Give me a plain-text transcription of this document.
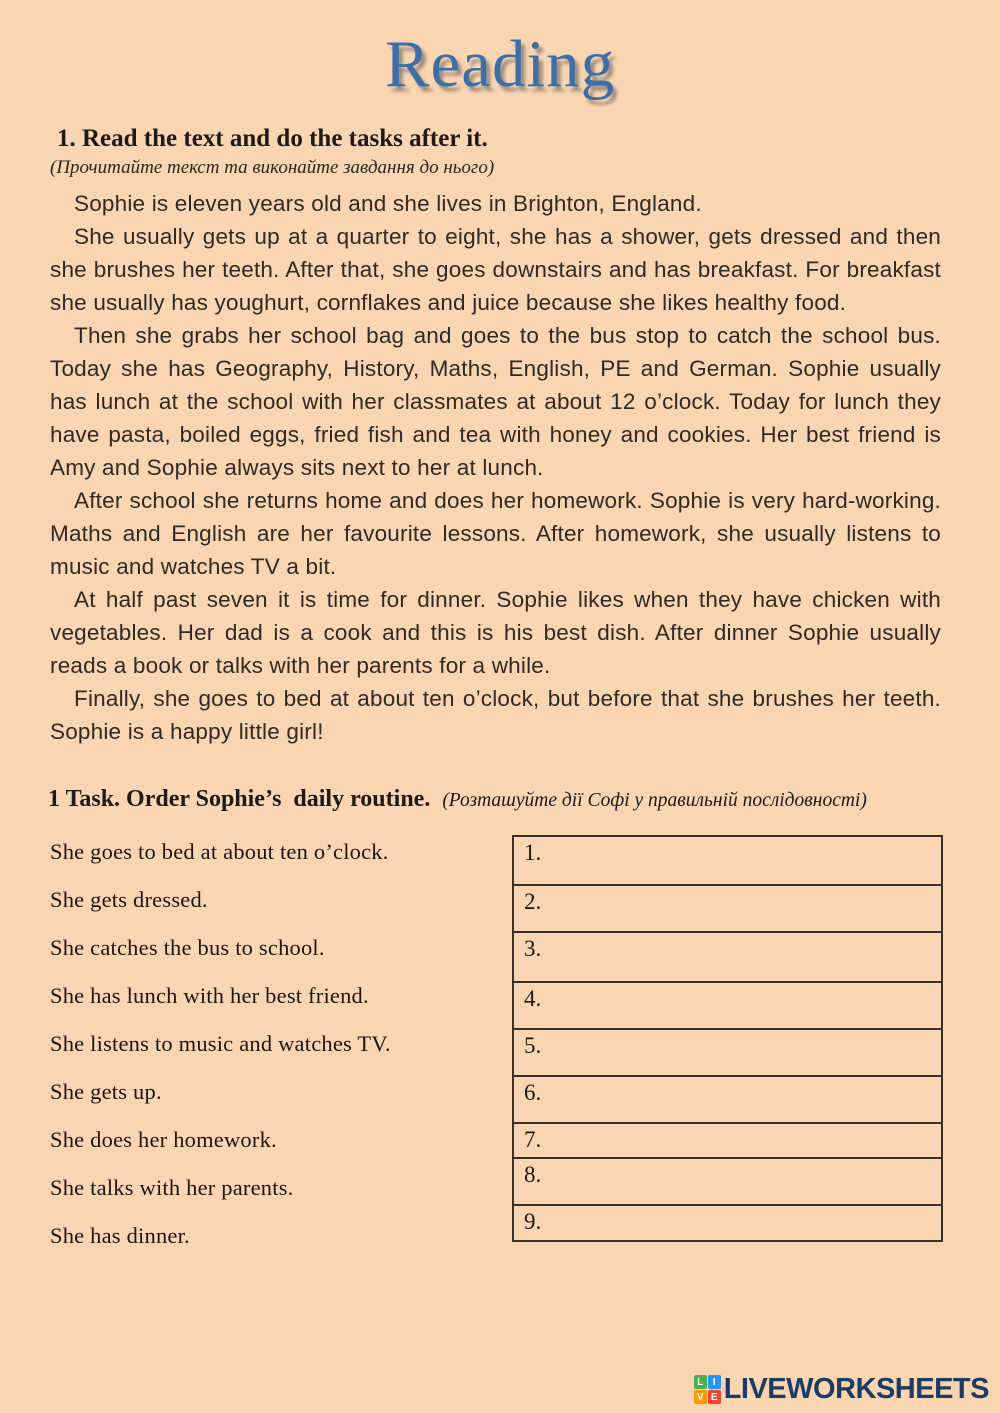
Reading
1. Read the text and do the tasks after it.
(Прочитайте текст та виконайте завдання до нього)

Sophie is eleven years old and she lives in Brighton, England.

She usually gets up at a quarter to eight, she has a shower, gets dressed and then she brushes her teeth. After that, she goes downstairs and has breakfast. For breakfast she usually has youghurt, cornflakes and juice because she likes healthy food.

Then she grabs her school bag and goes to the bus stop to catch the school bus. Today she has Geography, History, Maths, English, PE and German. Sophie usually has lunch at the school with her classmates at about 12 o’clock. Today for lunch they have pasta, boiled eggs, fried fish and tea with honey and cookies. Her best friend is Amy and Sophie always sits next to her at lunch.

After school she returns home and does her homework. Sophie is very hard-working. Maths and English are her favourite lessons. After homework, she usually listens to music and watches TV a bit.

At half past seven it is time for dinner. Sophie likes when they have chicken with vegetables. Her dad is a cook and this is his best dish. After dinner Sophie usually reads a book or talks with her parents for a while.

Finally, she goes to bed at about ten o’clock, but before that she brushes her teeth. Sophie is a happy little girl!

1 Task. Order Sophie’s  daily routine. (Розташуйте дії Софі у правильній послідовності)
She goes to bed at about ten o’clock.
She gets dressed.
She catches the bus to school.
She has lunch with her best friend.
She listens to music and watches TV.
She gets up.
She does her homework.
She talks with her parents.
She has dinner.
1.
2.
3.
4.
5.
6.
7.
8.
9.
L I
V E LIVEWORKSHEETS
